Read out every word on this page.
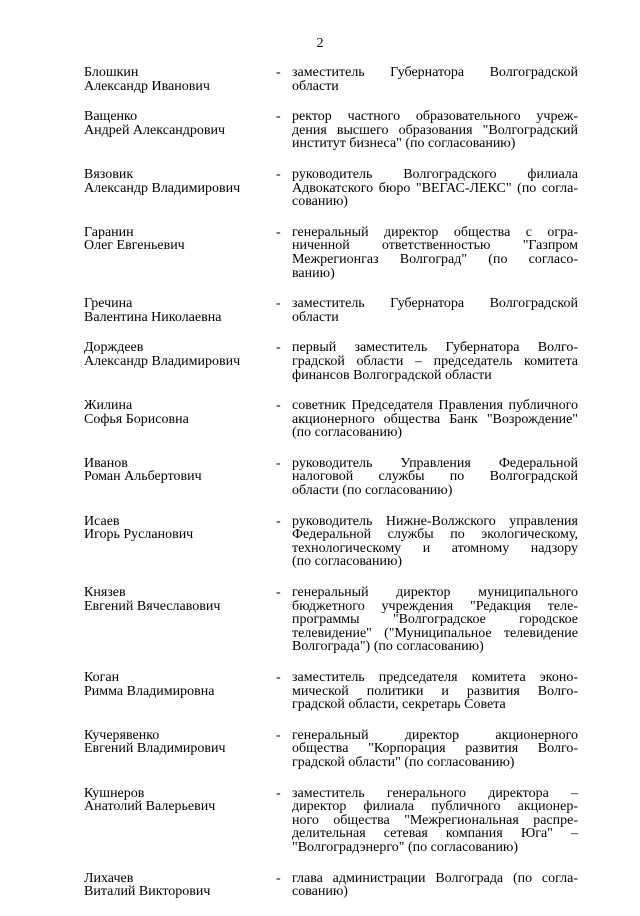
2
Блошкин
Александр Иванович
- заместитель Губернатора Волгоградской
области
Ващенко
Андрей Александрович
- ректор частного образовательного учреж-
дения высшего образования "Волгоградский
институт бизнеса" (по согласованию)
Вязовик
Александр Владимирович
- руководитель Волгоградского филиала
Адвокатского бюро "ВЕГАС-ЛЕКС" (по согла-
сованию)
Гаранин
Олег Евгеньевич
- генеральный директор общества с огра-
ниченной ответственностью "Газпром
Межрегионгаз Волгоград" (по согласо-
ванию)
Гречина
Валентина Николаевна
- заместитель Губернатора Волгоградской
области
Дорждеев
Александр Владимирович
- первый заместитель Губернатора Волго-
градской области – председатель комитета
финансов Волгоградской области
Жилина
Софья Борисовна
- советник Председателя Правления публичного
акционерного общества Банк "Возрождение"
(по согласованию)
Иванов
Роман Альбертович
- руководитель Управления Федеральной
налоговой службы по Волгоградской
области (по согласованию)
Исаев
Игорь Русланович
- руководитель Нижне-Волжского управления
Федеральной службы по экологическому,
технологическому и атомному надзору
(по согласованию)
Князев
Евгений Вячеславович
- генеральный директор муниципального
бюджетного учреждения "Редакция теле-
программы "Волгоградское городское
телевидение" ("Муниципальное телевидение
Волгограда") (по согласованию)
Коган
Римма Владимировна
- заместитель председателя комитета эконо-
мической политики и развития Волго-
градской области, секретарь Совета
Кучерявенко
Евгений Владимирович
- генеральный директор акционерного
общества "Корпорация развития Волго-
градской области" (по согласованию)
Кушнеров
Анатолий Валерьевич
- заместитель генерального директора –
директор филиала публичного акционер-
ного общества "Межрегиональная распре-
делительная сетевая компания Юга" –
"Волгоградэнерго" (по согласованию)
Лихачев
Виталий Викторович
- глава администрации Волгограда (по согла-
сованию)
